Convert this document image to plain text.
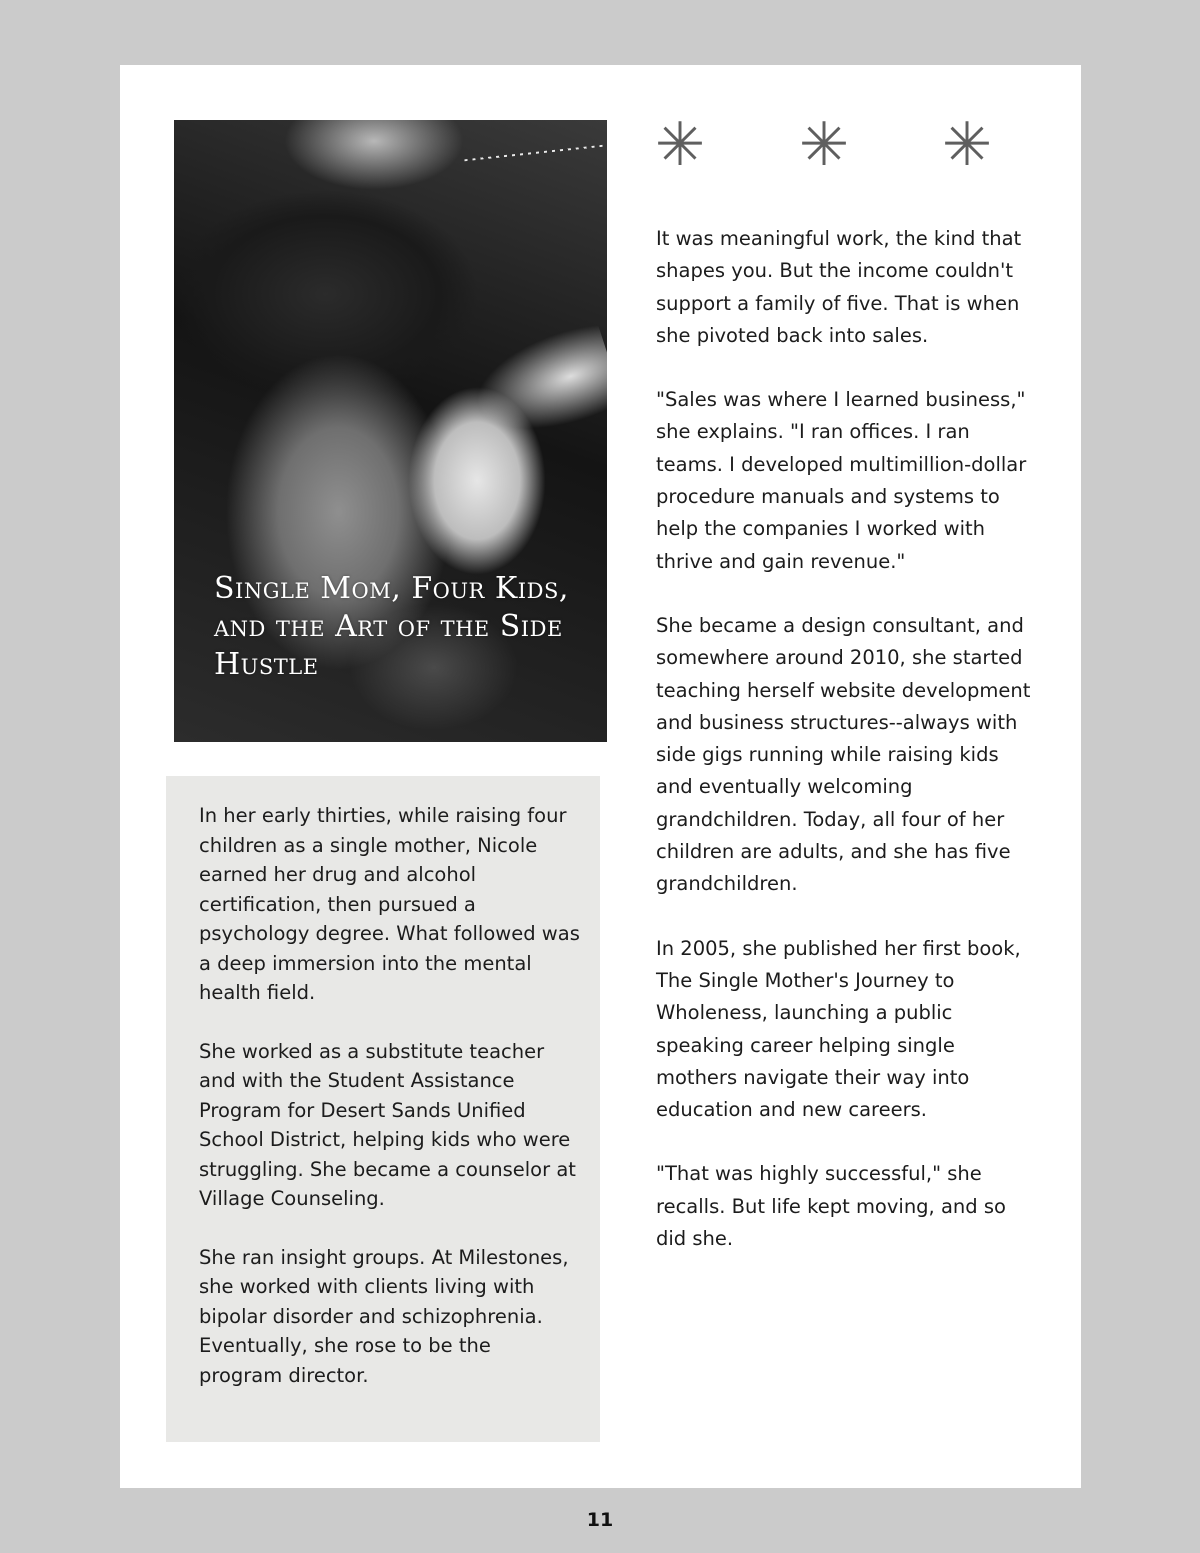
Single Mom, Four Kids, and the Art of the Side Hustle

In her early thirties, while raising four children as a single mother, Nicole earned her drug and alcohol certification, then pursued a psychology degree. What followed was a deep immersion into the mental health field.

She worked as a substitute teacher and with the Student Assistance Program for Desert Sands Unified School District, helping kids who were struggling. She became a counselor at Village Counseling.

She ran insight groups. At Milestones, she worked with clients living with bipolar disorder and schizophrenia. Eventually, she rose to be the program director.

✳ ✳ ✳

It was meaningful work, the kind that shapes you. But the income couldn't support a family of five. That is when she pivoted back into sales.

"Sales was where I learned business," she explains. "I ran offices. I ran teams. I developed multimillion-dollar procedure manuals and systems to help the companies I worked with thrive and gain revenue."

She became a design consultant, and somewhere around 2010, she started teaching herself website development and business structures--always with side gigs running while raising kids and eventually welcoming grandchildren. Today, all four of her children are adults, and she has five grandchildren.

In 2005, she published her first book, The Single Mother's Journey to Wholeness, launching a public speaking career helping single mothers navigate their way into education and new careers.

"That was highly successful," she recalls. But life kept moving, and so did she.

11
